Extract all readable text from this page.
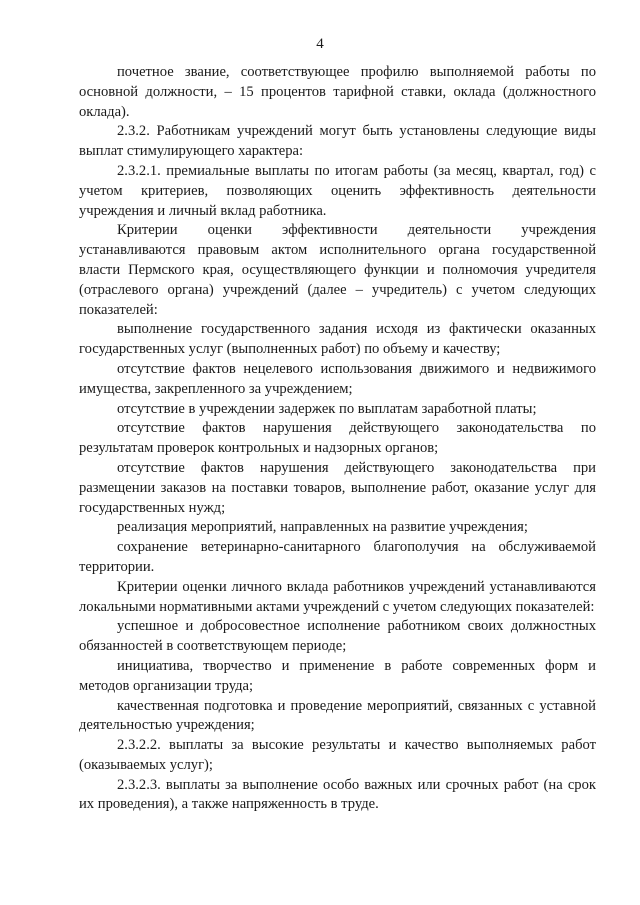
4

почетное звание, соответствующее профилю выполняемой работы по основной должности, – 15 процентов тарифной ставки, оклада (должностного оклада).

2.3.2. Работникам учреждений могут быть установлены следующие виды выплат стимулирующего характера:

2.3.2.1. премиальные выплаты по итогам работы (за месяц, квартал, год) с учетом критериев, позволяющих оценить эффективность деятельности учреждения и личный вклад работника.

Критерии оценки эффективности деятельности учреждения устанавливаются правовым актом исполнительного органа государственной власти Пермского края, осуществляющего функции и полномочия учредителя (отраслевого органа) учреждений (далее – учредитель) с учетом следующих показателей:

выполнение государственного задания исходя из фактически оказанных государственных услуг (выполненных работ) по объему и качеству;

отсутствие фактов нецелевого использования движимого и недвижимого имущества, закрепленного за учреждением;

отсутствие в учреждении задержек по выплатам заработной платы;

отсутствие фактов нарушения действующего законодательства по результатам проверок контрольных и надзорных органов;

отсутствие фактов нарушения действующего законодательства при размещении заказов на поставки товаров, выполнение работ, оказание услуг для государственных нужд;

реализация мероприятий, направленных на развитие учреждения;

сохранение ветеринарно-санитарного благополучия на обслуживаемой территории.

Критерии оценки личного вклада работников учреждений устанавливаются локальными нормативными актами учреждений с учетом следующих показателей:

успешное и добросовестное исполнение работником своих должностных обязанностей в соответствующем периоде;

инициатива, творчество и применение в работе современных форм и методов организации труда;

качественная подготовка и проведение мероприятий, связанных с уставной деятельностью учреждения;

2.3.2.2. выплаты за высокие результаты и качество выполняемых работ (оказываемых услуг);

2.3.2.3. выплаты за выполнение особо важных или срочных работ (на срок их проведения), а также напряженность в труде.
